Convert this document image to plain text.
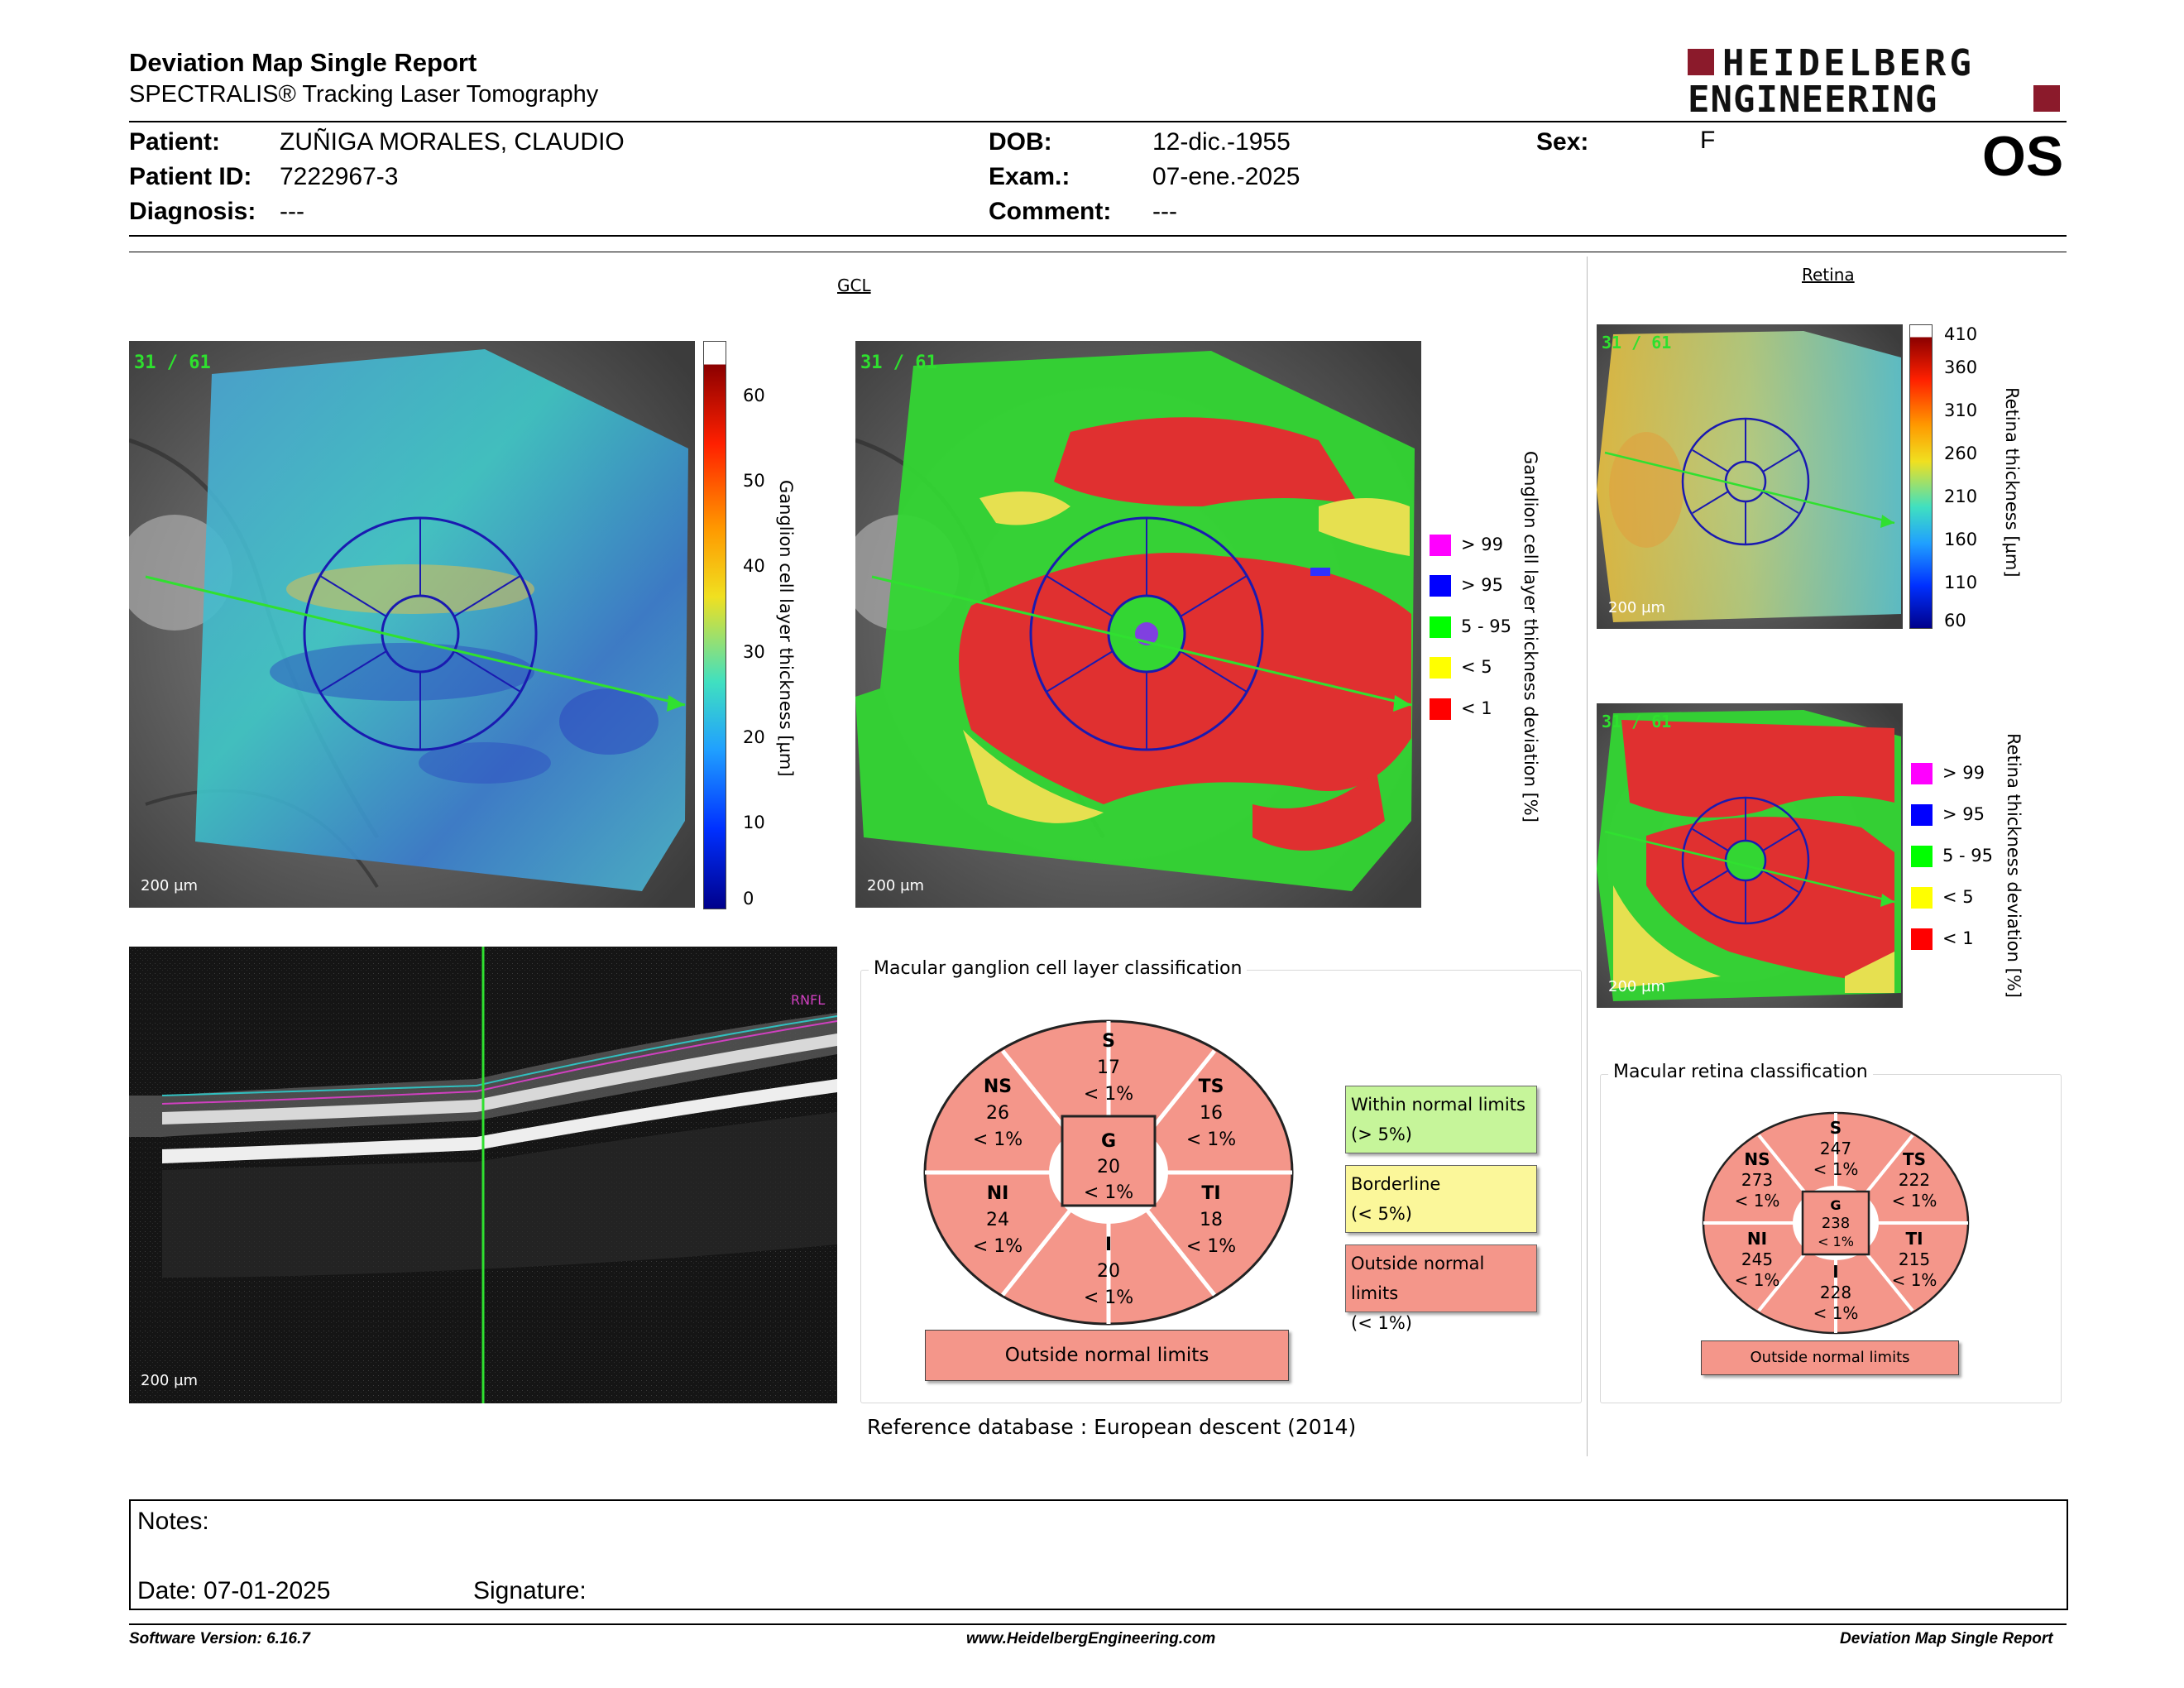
Deviation Map Single Report
SPECTRALIS® Tracking Laser Tomography
HEIDELBERG
ENGINEERING
Patient: ZUÑIGA MORALES, CLAUDIO
Patient ID: 7222967-3
Diagnosis: ---
DOB:	12-dic.-1955
Exam.:	07-ene.-2025
Comment: ---
Sex:	F	OS
GCL
31 / 61
200 µm
60
50
40
30
20
10
0
Ganglion cell layer thickness [µm]
31 / 61
200 µm
> 99
> 95
5 - 95
< 5
< 1 Ganglion cell layer thickness deviation [%]
Retina
31 / 61
200 µm
410
360
310
260
210
160
110
60
Retina thickness [µm]
31 / 61
200 µm
> 99
> 95
5 - 95
< 5
< 1 Retina thickness deviation [%]
RNFL
200 µm
Macular ganglion cell layer classification
S
17
< 1%
NS
26
< 1%
TS
16
< 1%
G
20
< 1%
NI
24
< 1%
TI
18
< 1%
I
20
< 1%
Outside normal limits
Within normal limits
(> 5%)
Borderline
(< 5%)
Outside normal limits
(< 1%)
Macular retina classification
S
247
< 1%
NS
273
< 1%
TS
222
< 1%
G
238
< 1%
NI
245
< 1%
TI
215
< 1%
I
228
< 1%
Outside normal limits
Reference database : European descent (2014)
Notes:
Date: 07-01-2025	Signature:
Software Version: 6.16.7	www.HeidelbergEngineering.com	Deviation Map Single Report
